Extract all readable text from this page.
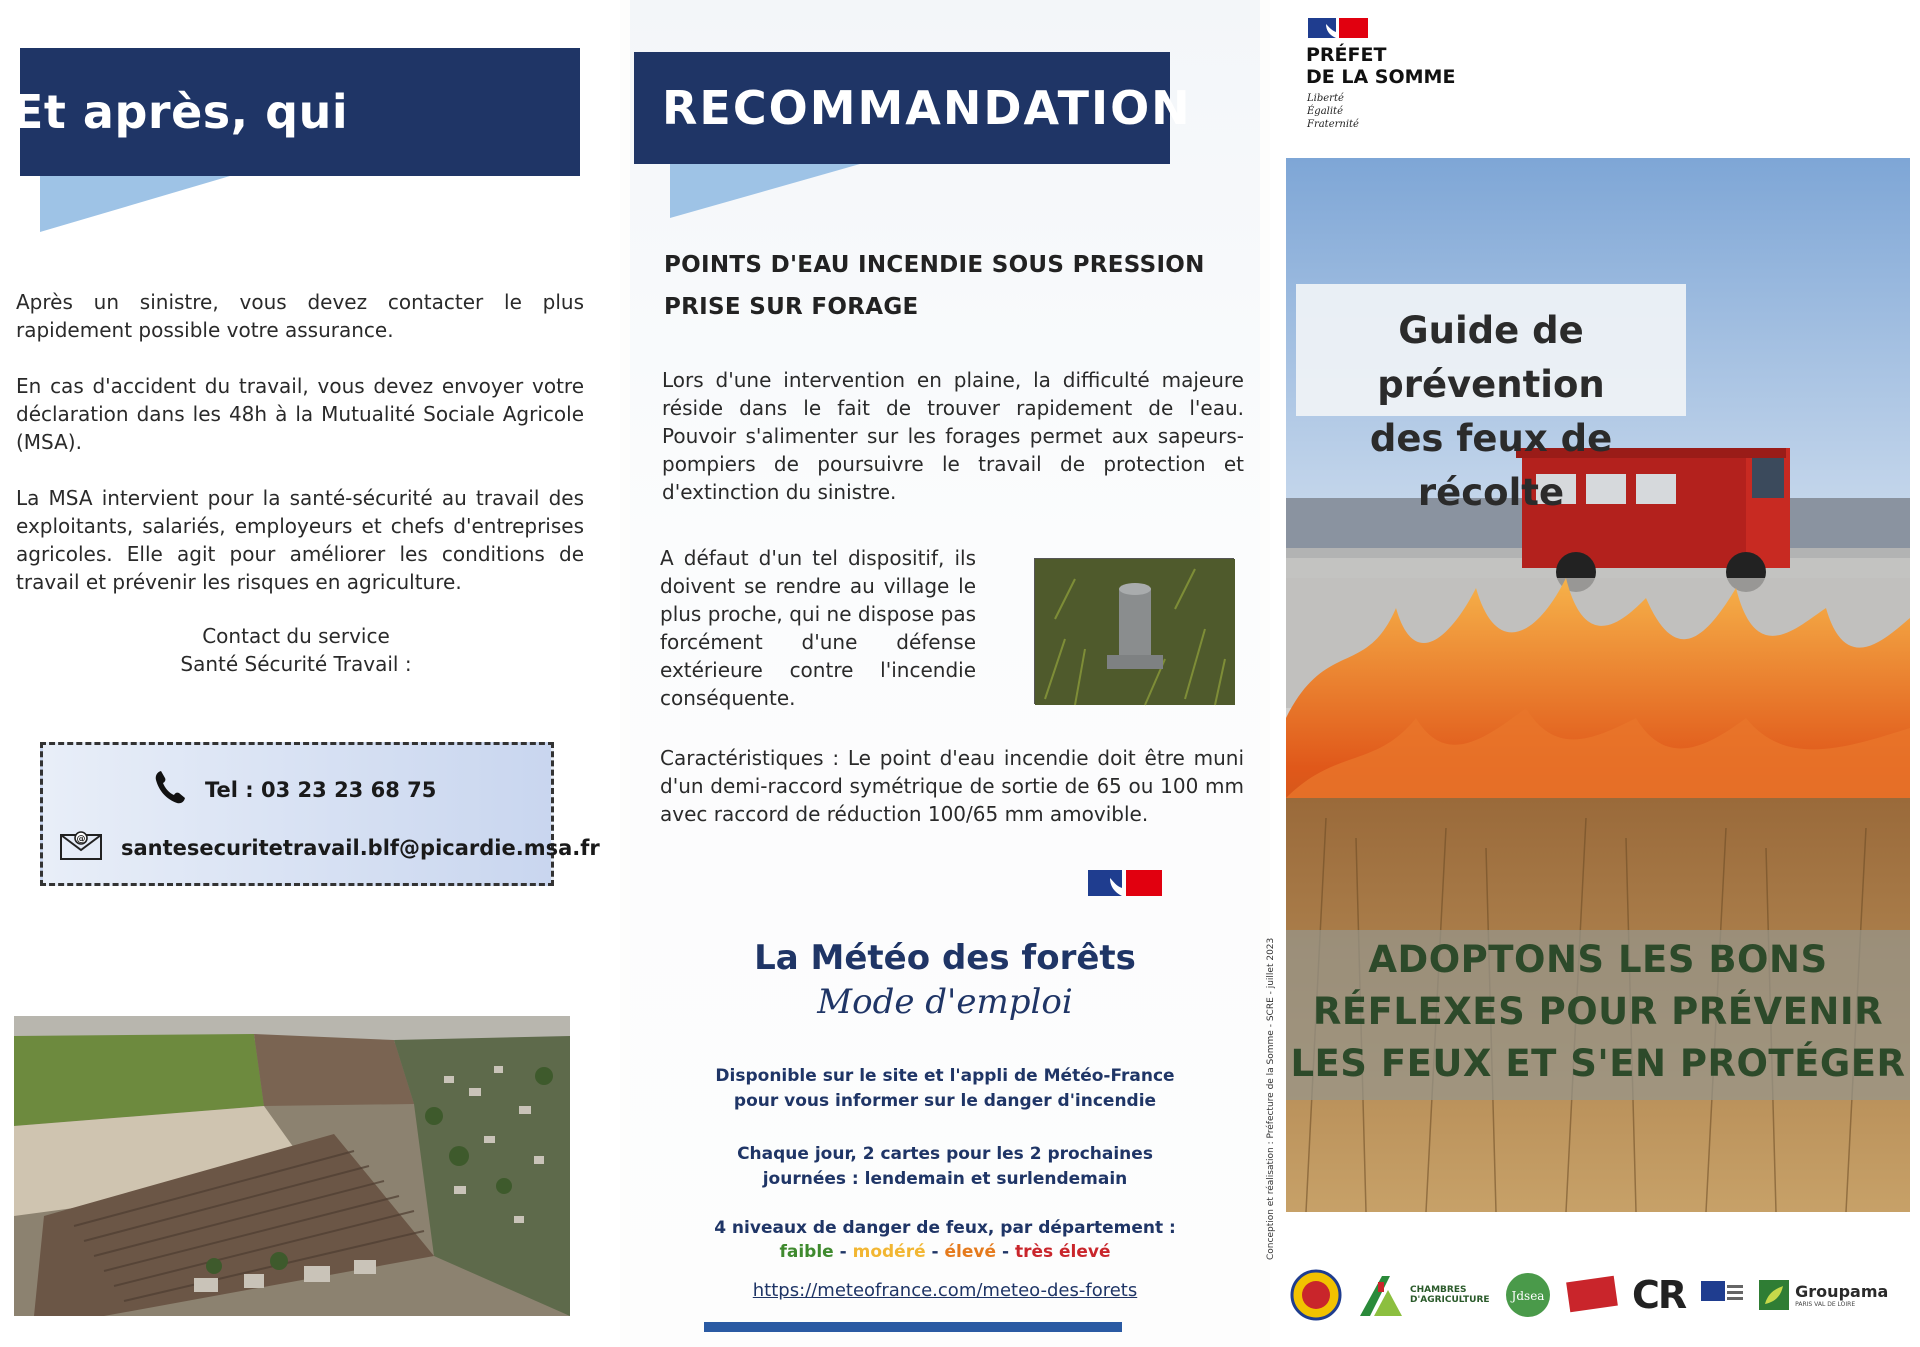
Et après, qui contacter ?

Après un sinistre, vous devez contacter le plus rapidement possible votre assurance.

En cas d'accident du travail, vous devez envoyer votre déclaration dans les 48h à la Mutualité Sociale Agricole (MSA).

La MSA intervient pour la santé-sécurité au travail des exploitants, salariés, employeurs et chefs d'entreprises agricoles. Elle agit pour améliorer les conditions de travail et prévenir les risques en agriculture.

Contact du service
Santé Sécurité Travail :
Tel : 03 23 23 68 75
@ santesecuritetravail.blf@picardie.msa.fr
RECOMMANDATION
POINTS D'EAU INCENDIE SOUS PRESSION
PRISE SUR FORAGE

Lors d'une intervention en plaine, la difficulté majeure réside dans le fait de trouver rapidement de l'eau. Pouvoir s'alimenter sur les forages permet aux sapeurs-pompiers de poursuivre le travail de protection et d'extinction du sinistre.

A défaut d'un tel dispositif, ils doivent se rendre au village le plus proche, qui ne dispose pas forcément d'une défense extérieure contre l'incendie conséquente.

Caractéristiques : Le point d'eau incendie doit être muni d'un demi-raccord symétrique de sortie de 65 ou 100 mm avec raccord de réduction 100/65 mm amovible.

La Météo des forêts
Mode d'emploi
Disponible sur le site et l'appli de Météo-France
pour vous informer sur le danger d'incendie
Chaque jour, 2 cartes pour les 2 prochaines
journées : lendemain et surlendemain
4 niveaux de danger de feux, par département :
faible - modéré - élevé - très élevé
https://meteofrance.com/meteo-des-forets
PRÉFET
DE LA SOMME
Liberté
Égalité
Fraternité
Guide de prévention
des feux de récolte
ADOPTONS LES BONS
RÉFLEXES POUR PRÉVENIR
LES FEUX ET S'EN PROTÉGER
Conception et réalisation : Préfecture de la Somme - SCRE - juillet 2023
CHAMBRES D'AGRICULTURE Jdsea CR	Groupama
PARIS VAL DE LOIRE
